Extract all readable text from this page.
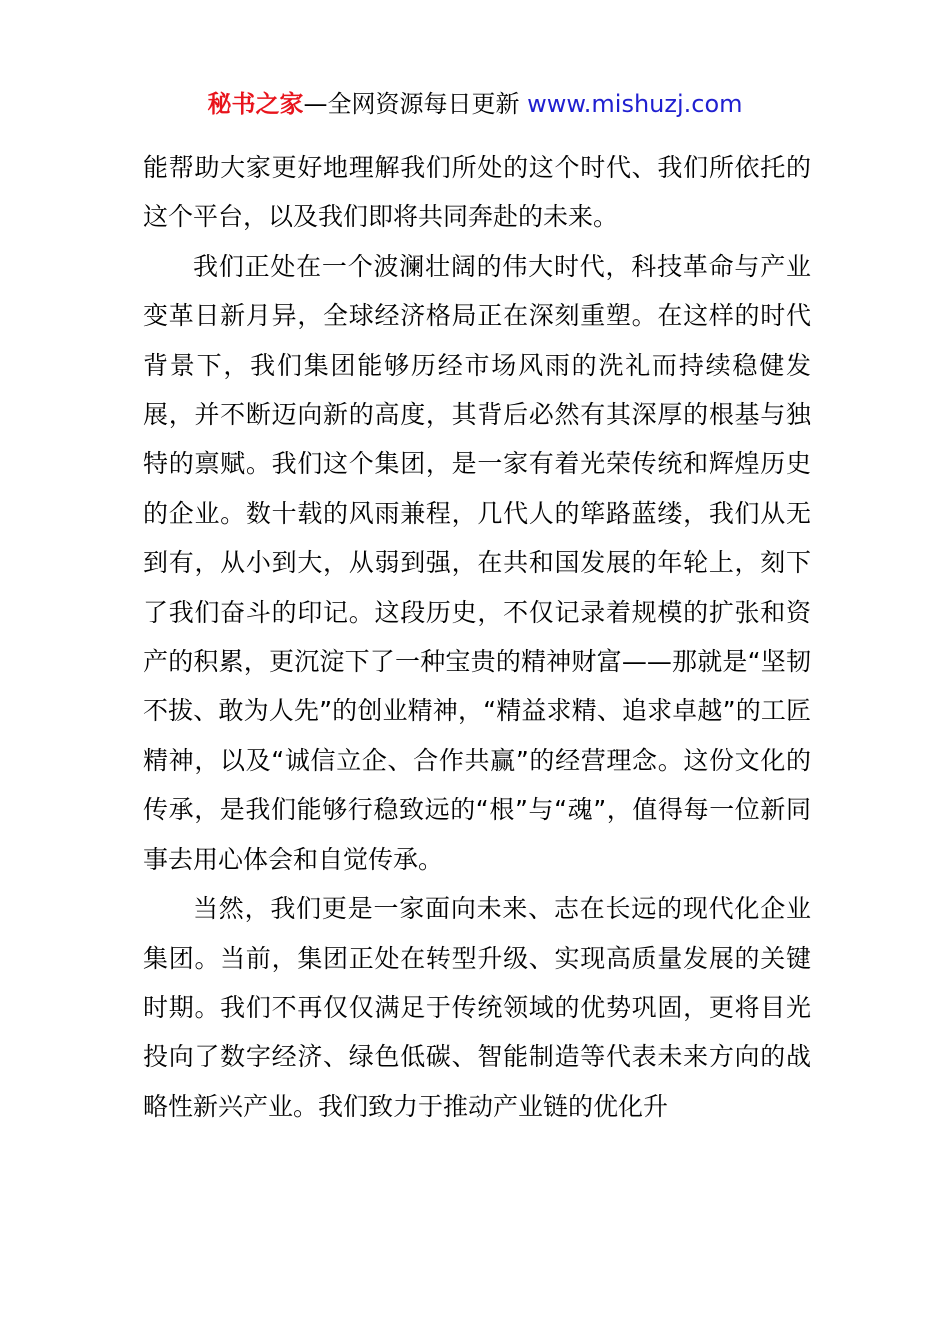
秘书之家—全网资源每日更新 www.mishuzj.com

能帮助大家更好地理解我们所处的这个时代、我们所依托的这个平台，以及我们即将共同奔赴的未来。

我们正处在一个波澜壮阔的伟大时代，科技革命与产业变革日新月异，全球经济格局正在深刻重塑。在这样的时代背景下，我们集团能够历经市场风雨的洗礼而持续稳健发展，并不断迈向新的高度，其背后必然有其深厚的根基与独特的禀赋。我们这个集团，是一家有着光荣传统和辉煌历史的企业。数十载的风雨兼程，几代人的筚路蓝缕，我们从无到有，从小到大，从弱到强，在共和国发展的年轮上，刻下了我们奋斗的印记。这段历史，不仅记录着规模的扩张和资产的积累，更沉淀下了一种宝贵的精神财富——那就是“坚韧不拔、敢为人先”的创业精神，“精益求精、追求卓越”的工匠精神，以及“诚信立企、合作共赢”的经营理念。这份文化的传承，是我们能够行稳致远的“根”与“魂”，值得每一位新同事去用心体会和自觉传承。

当然，我们更是一家面向未来、志在长远的现代化企业集团。当前，集团正处在转型升级、实现高质量发展的关键时期。我们不再仅仅满足于传统领域的优势巩固，更将目光投向了数字经济、绿色低碳、智能制造等代表未来方向的战略性新兴产业。我们致力于推动产业链的优化升
